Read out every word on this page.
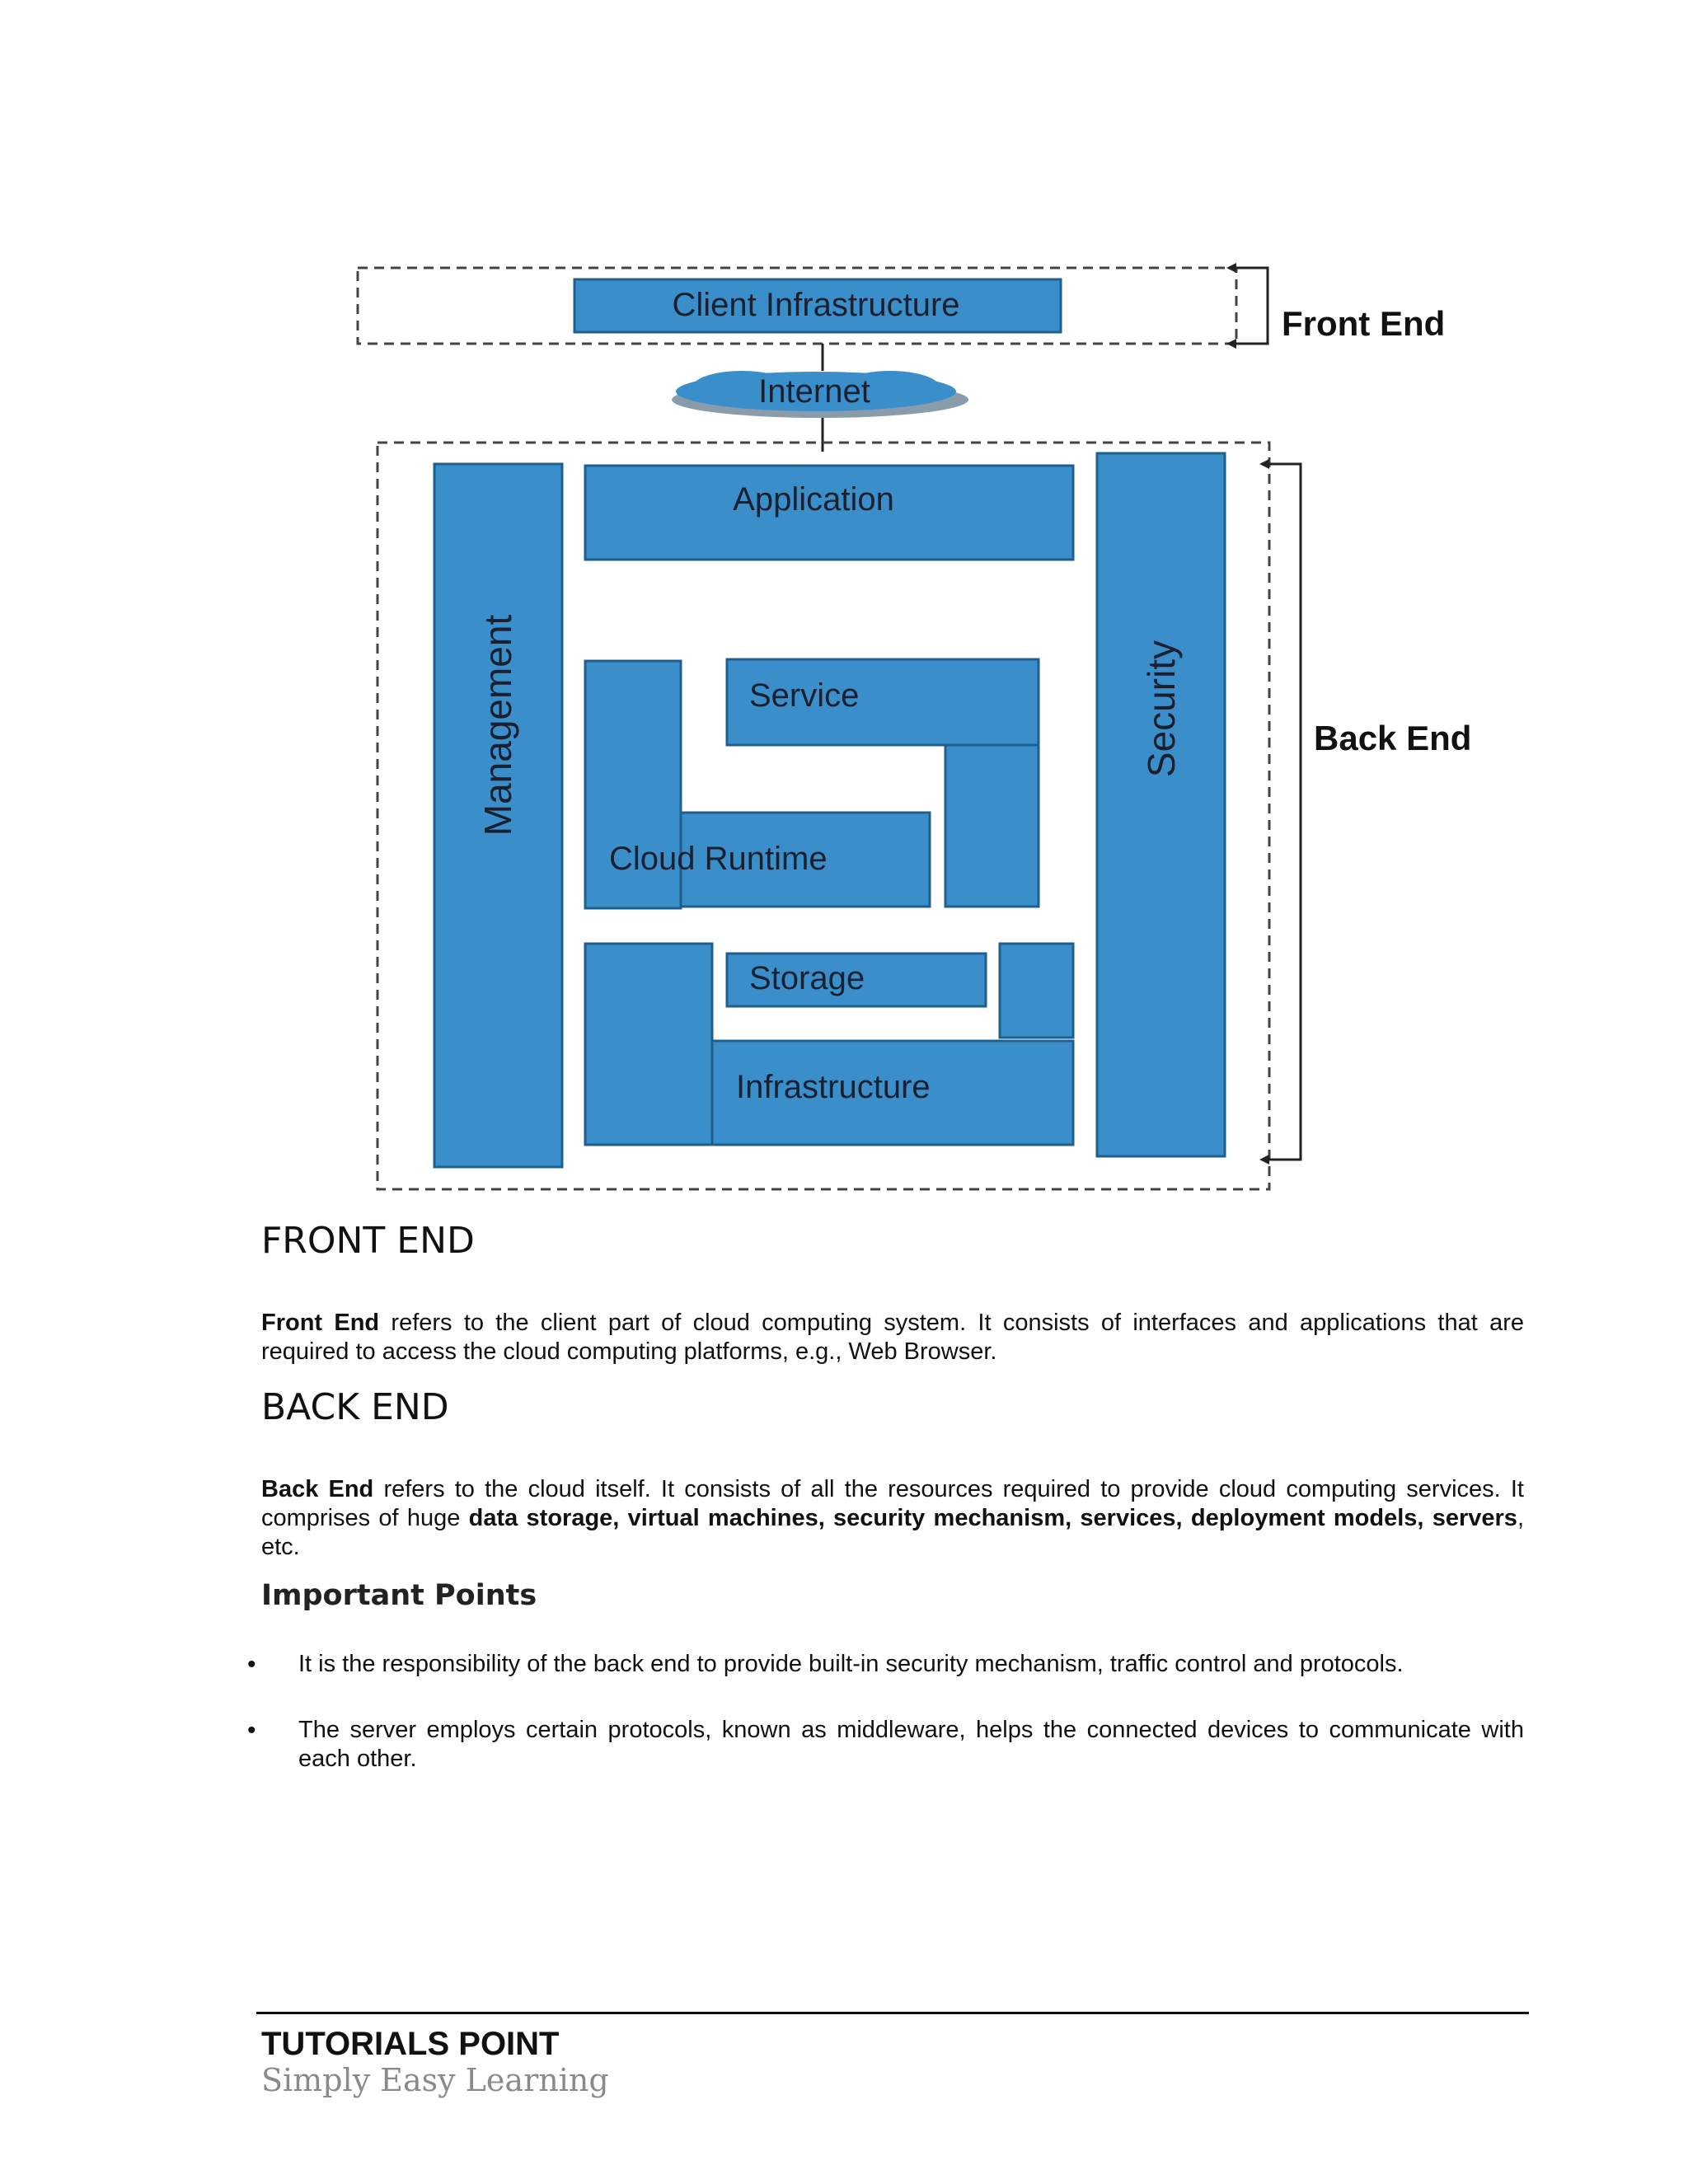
Client Infrastructure	Front End
Internet
Back End
Management	Security
Application
Service
Cloud Runtime
Storage
Infrastructure
FRONT END

Front End refers to the client part of cloud computing system. It consists of interfaces and applications that are required to access the cloud computing platforms, e.g., Web Browser.

BACK END

Back End refers to the cloud itself. It consists of all the resources required to provide cloud computing services. It comprises of huge data storage, virtual machines, security mechanism, services, deployment models, servers, etc.

Important Points
•	It is the responsibility of the back end to provide built-in security mechanism, traffic control and protocols.
•	The server employs certain protocols, known as middleware, helps the connected devices to communicate with each other.
TUTORIALS POINT
Simply Easy Learning
